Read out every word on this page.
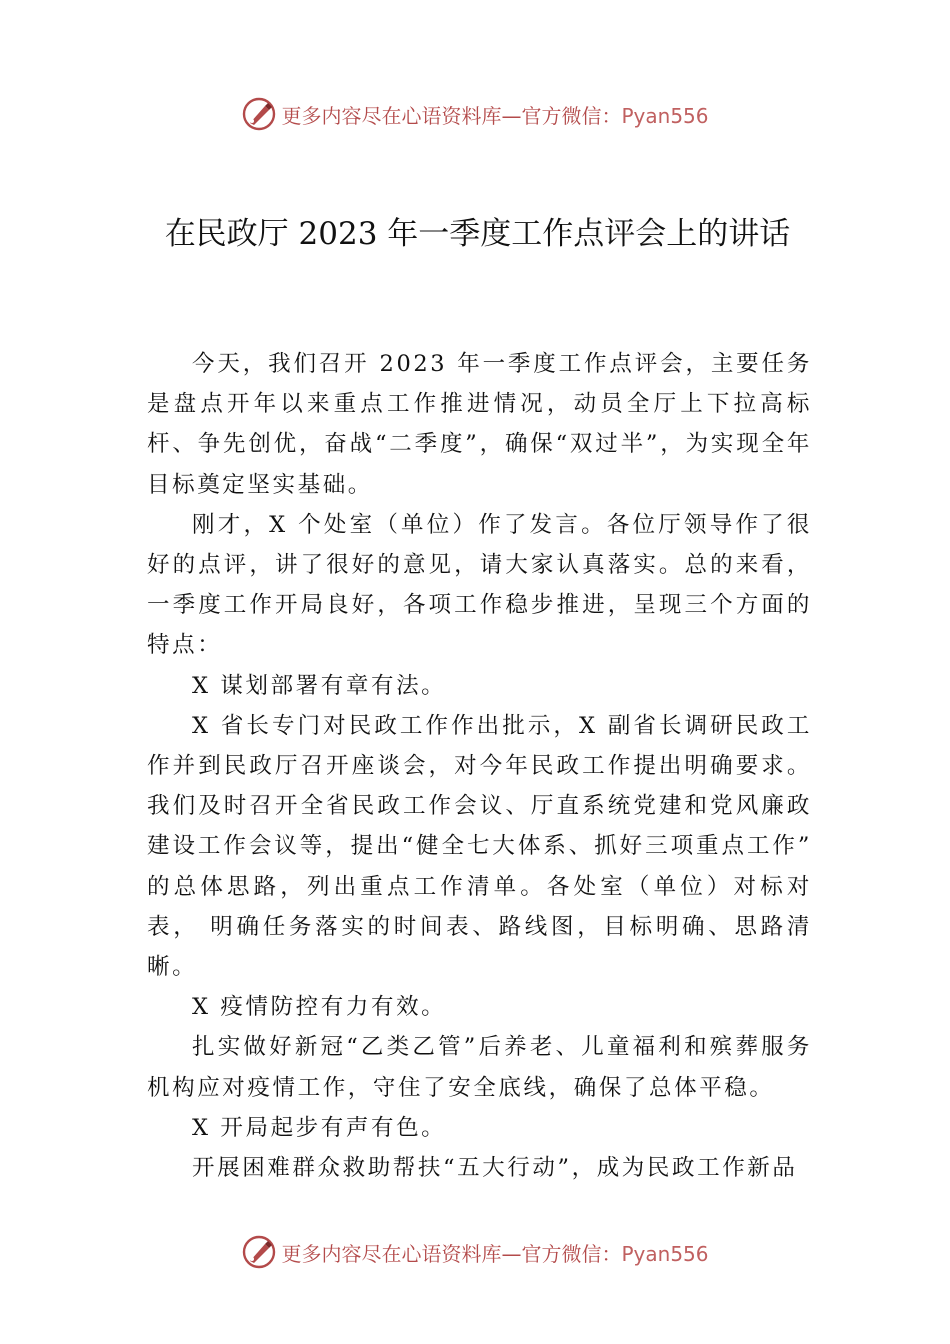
更多内容尽在心语资料库—官方微信：Pyan556
在民政厅 2023 年一季度工作点评会上的讲话

今天，我们召开 2023 年一季度工作点评会，主要任务是盘点开年以来重点工作推进情况，动员全厅上下拉高标杆、争先创优，奋战“二季度”，确保“双过半”，为实现全年目标奠定坚实基础。

刚才，X 个处室（单位）作了发言。各位厅领导作了很好的点评，讲了很好的意见，请大家认真落实。总的来看， 一季度工作开局良好，各项工作稳步推进，呈现三个方面的特点：

X 谋划部署有章有法。

X 省长专门对民政工作作出批示，X 副省长调研民政工作并到民政厅召开座谈会，对今年民政工作提出明确要求。 我们及时召开全省民政工作会议、厅直系统党建和党风廉政建设工作会议等，提出“健全七大体系、抓好三项重点工作” 的总体思路，列出重点工作清单。各处室（单位）对标对表， 明确任务落实的时间表、路线图，目标明确、思路清晰。

X 疫情防控有力有效。

扎实做好新冠“乙类乙管”后养老、儿童福利和殡葬服务机构应对疫情工作，守住了安全底线，确保了总体平稳。

X 开局起步有声有色。

开展困难群众救助帮扶“五大行动”，成为民政工作新品

更多内容尽在心语资料库—官方微信：Pyan556
